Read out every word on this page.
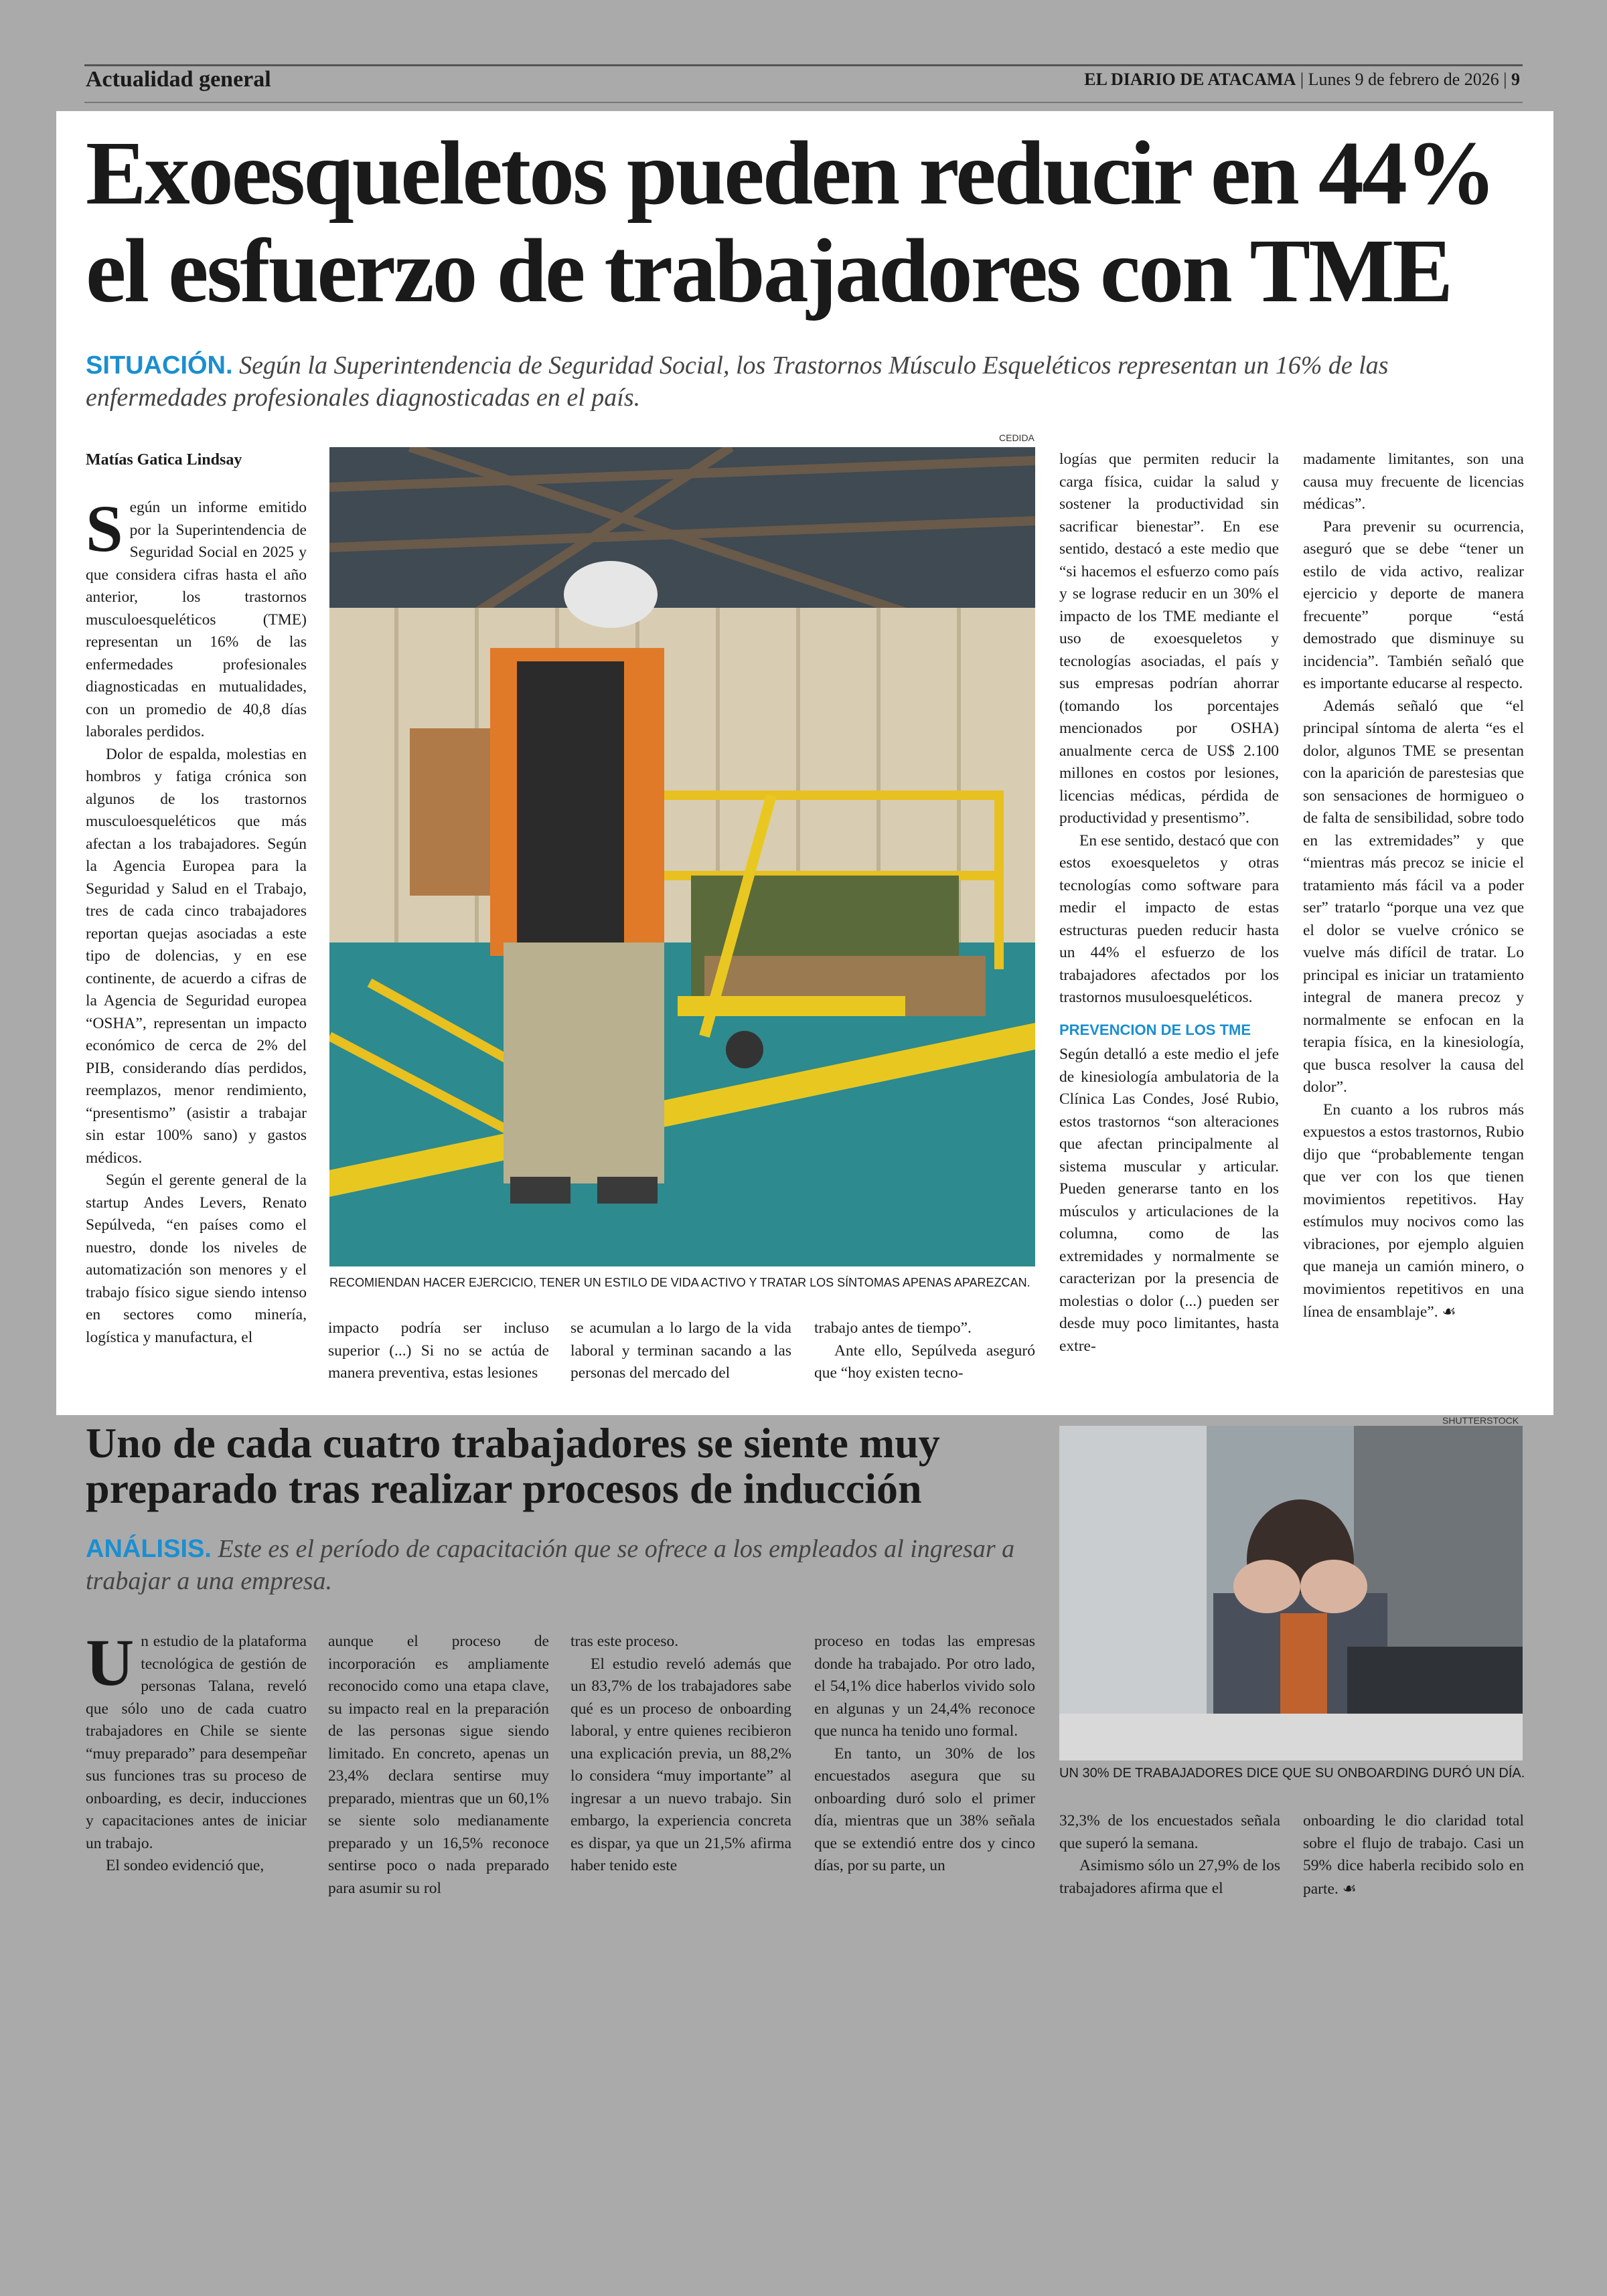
Actualidad general	EL DIARIO DE ATACAMA | Lunes 9 de febrero de 2026 | 9
Exoesqueletos pueden reducir en 44%
el esfuerzo de trabajadores con TME
SITUACIÓN. Según la Superintendencia de Seguridad Social, los Trastornos Músculo Esqueléticos representan un 16% de las enfermedades profesionales diagnosticadas en el país.
Matías Gatica Lindsay

Según un informe emitido por la Superintendencia de Seguridad Social en 2025 y que considera cifras hasta el año anterior, los trastornos musculoesqueléticos (TME) representan un 16% de las enfermedades profesionales diagnosticadas en mutualidades, con un promedio de 40,8 días laborales perdidos.

Dolor de espalda, molestias en hombros y fatiga crónica son algunos de los trastornos musculoesqueléticos que más afectan a los trabajadores. Según la Agencia Europea para la Seguridad y Salud en el Trabajo, tres de cada cinco trabajadores reportan quejas asociadas a este tipo de dolencias, y en ese continente, de acuerdo a cifras de la Agencia de Seguridad europea “OSHA”, representan un impacto económico de cerca de 2% del PIB, considerando días perdidos, reemplazos, menor rendimiento, “presentismo” (asistir a trabajar sin estar 100% sano) y gastos médicos.

Según el gerente general de la startup Andes Levers, Renato Sepúlveda, “en países como el nuestro, donde los niveles de automatización son menores y el trabajo físico sigue siendo intenso en sectores como minería, logística y manufactura, el

CEDIDA
RECOMIENDAN HACER EJERCICIO, TENER UN ESTILO DE VIDA ACTIVO Y TRATAR LOS SÍNTOMAS APENAS APAREZCAN.

impacto podría ser incluso superior (...) Si no se actúa de manera preventiva, estas lesiones

se acumulan a lo largo de la vida laboral y terminan sacando a las personas del mercado del

trabajo antes de tiempo”.

Ante ello, Sepúlveda aseguró que “hoy existen tecno-

logías que permiten reducir la carga física, cuidar la salud y sostener la productividad sin sacrificar bienestar”. En ese sentido, destacó a este medio que “si hacemos el esfuerzo como país y se lograse reducir en un 30% el impacto de los TME mediante el uso de exoesqueletos y tecnologías asociadas, el país y sus empresas podrían ahorrar (tomando los porcentajes mencionados por OSHA) anualmente cerca de US$ 2.100 millones en costos por lesiones, licencias médicas, pérdida de productividad y presentismo”.

En ese sentido, destacó que con estos exoesqueletos y otras tecnologías como software para medir el impacto de estas estructuras pueden reducir hasta un 44% el esfuerzo de los trabajadores afectados por los trastornos musuloesqueléticos.

PREVENCION DE LOS TME

Según detalló a este medio el jefe de kinesiología ambulatoria de la Clínica Las Condes, José Rubio, estos trastornos “son alteraciones que afectan principalmente al sistema muscular y articular. Pueden generarse tanto en los músculos y articulaciones de la columna, como de las extremidades y normalmente se caracterizan por la presencia de molestias o dolor (...) pueden ser desde muy poco limitantes, hasta extre-

madamente limitantes, son una causa muy frecuente de licencias médicas”.

Para prevenir su ocurrencia, aseguró que se debe “tener un estilo de vida activo, realizar ejercicio y deporte de manera frecuente” porque “está demostrado que disminuye su incidencia”. También señaló que es importante educarse al respecto.

Además señaló que “el principal síntoma de alerta “es el dolor, algunos TME se presentan con la aparición de parestesias que son sensaciones de hormigueo o de falta de sensibilidad, sobre todo en las extremidades” y que “mientras más precoz se inicie el tratamiento más fácil va a poder ser” tratarlo “porque una vez que el dolor se vuelve crónico se vuelve más difícil de tratar. Lo principal es iniciar un tratamiento integral de manera precoz y normalmente se enfocan en la terapia física, en la kinesiología, que busca resolver la causa del dolor”.

En cuanto a los rubros más expuestos a estos trastornos, Rubio dijo que “probablemente tengan que ver con los que tienen movimientos repetitivos. Hay estímulos muy nocivos como las vibraciones, por ejemplo alguien que maneja un camión minero, o movimientos repetitivos en una línea de ensamblaje”. ☙

Uno de cada cuatro trabajadores se siente muy
preparado tras realizar procesos de inducción
ANÁLISIS. Este es el período de capacitación que se ofrece a los empleados al ingresar a trabajar a una empresa.
SHUTTERSTOCK
UN 30% DE TRABAJADORES DICE QUE SU ONBOARDING DURÓ UN DÍA.

Un estudio de la plataforma tecnológica de gestión de personas Talana, reveló que sólo uno de cada cuatro trabajadores en Chile se siente “muy preparado” para desempeñar sus funciones tras su proceso de onboarding, es decir, inducciones y capacitaciones antes de iniciar un trabajo.

El sondeo evidenció que,

aunque el proceso de incorporación es ampliamente reconocido como una etapa clave, su impacto real en la preparación de las personas sigue siendo limitado. En concreto, apenas un 23,4% declara sentirse muy preparado, mientras que un 60,1% se siente solo medianamente preparado y un 16,5% reconoce sentirse poco o nada preparado para asumir su rol

tras este proceso.

El estudio reveló además que un 83,7% de los trabajadores sabe qué es un proceso de onboarding laboral, y entre quienes recibieron una explicación previa, un 88,2% lo considera “muy importante” al ingresar a un nuevo trabajo. Sin embargo, la experiencia concreta es dispar, ya que un 21,5% afirma haber tenido este

proceso en todas las empresas donde ha trabajado. Por otro lado, el 54,1% dice haberlos vivido solo en algunas y un 24,4% reconoce que nunca ha tenido uno formal.

En tanto, un 30% de los encuestados asegura que su onboarding duró solo el primer día, mientras que un 38% señala que se extendió entre dos y cinco días, por su parte, un

32,3% de los encuestados señala que superó la semana.

Asimismo sólo un 27,9% de los trabajadores afirma que el

onboarding le dio claridad total sobre el flujo de trabajo. Casi un 59% dice haberla recibido solo en parte. ☙
